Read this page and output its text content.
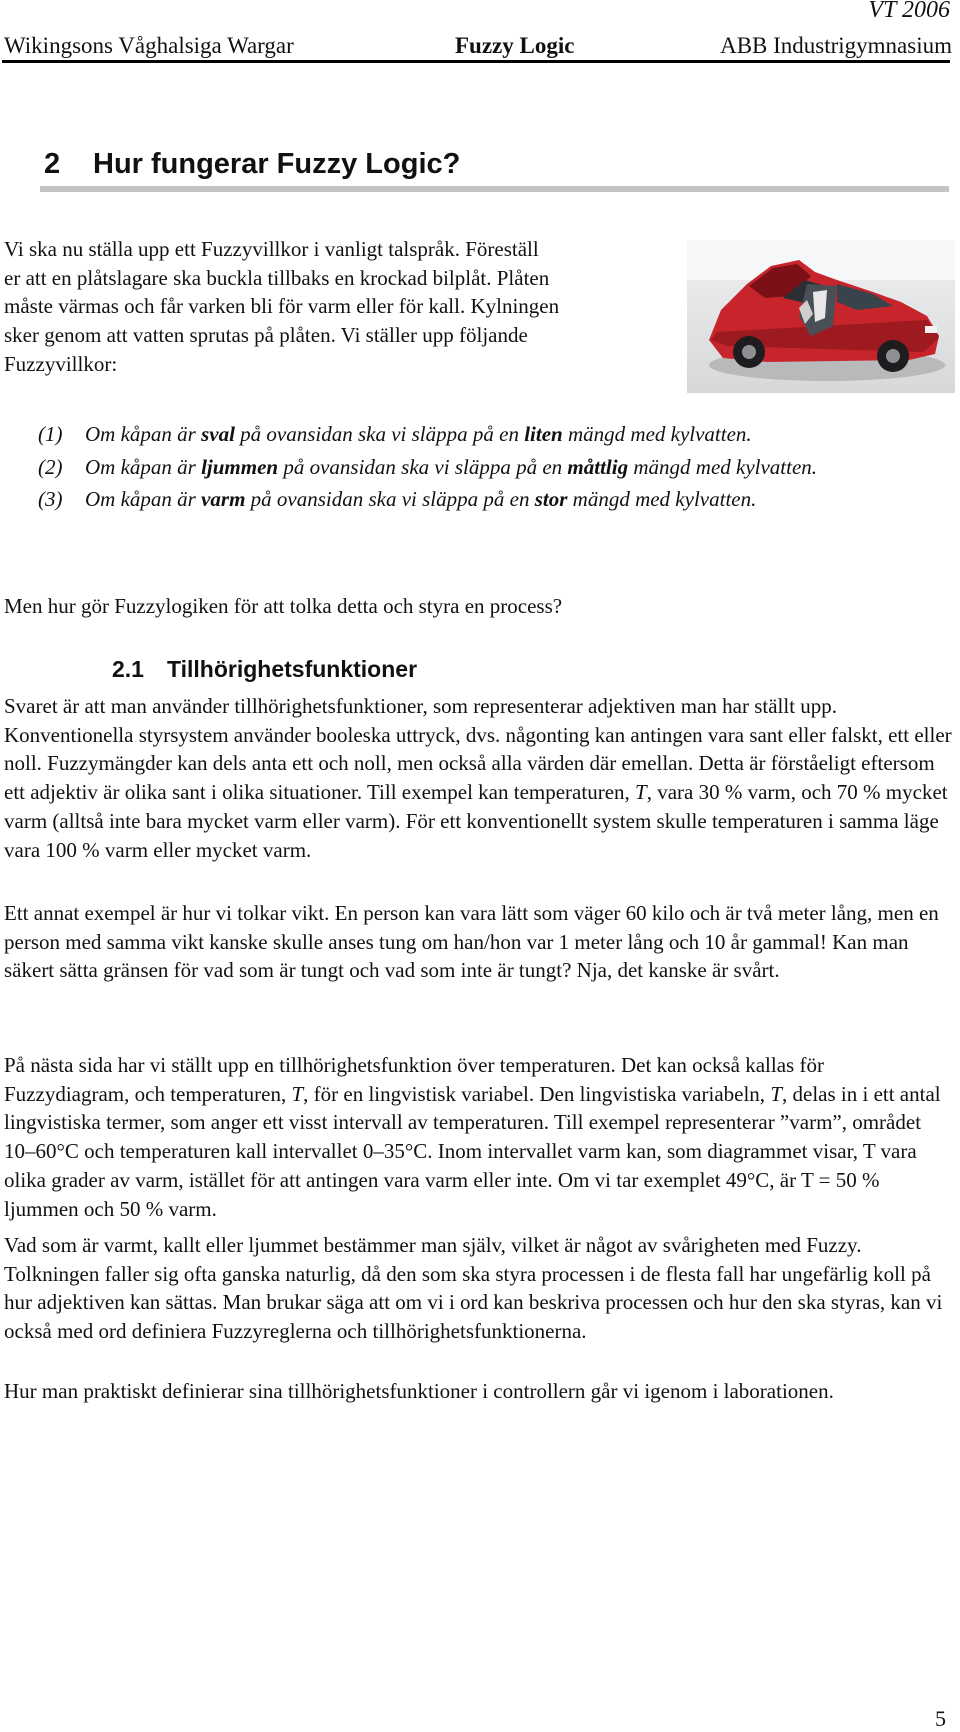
VT 2006
Wikingsons Våghalsiga Wargar	Fuzzy Logic	ABB Industrigymnasium
2 Hur fungerar Fuzzy Logic?
Vi ska nu ställa upp ett Fuzzyvillkor i vanligt talspråk. Föreställ
er att en plåtslagare ska buckla tillbaks en krockad bilplåt. Plåten
måste värmas och får varken bli för varm eller för kall. Kylningen
sker genom att vatten sprutas på plåten. Vi ställer upp följande
Fuzzyvillkor:
(1) Om kåpan är sval på ovansidan ska vi släppa på en liten mängd med kylvatten.
(2) Om kåpan är ljummen på ovansidan ska vi släppa på en måttlig mängd med kylvatten.
(3) Om kåpan är varm på ovansidan ska vi släppa på en stor mängd med kylvatten.
Men hur gör Fuzzylogiken för att tolka detta och styra en process?
2.1 Tillhörighetsfunktioner
Svaret är att man använder tillhörighetsfunktioner, som representerar adjektiven man har ställt upp. Konventionella styrsystem använder booleska uttryck, dvs. någonting kan antingen vara sant eller falskt, ett eller noll. Fuzzymängder kan dels anta ett och noll, men också alla värden där emellan. Detta är förståeligt eftersom ett adjektiv är olika sant i olika situationer. Till exempel kan temperaturen, T, vara 30 % varm, och 70 % mycket varm (alltså inte bara mycket varm eller varm). För ett konventionellt system skulle temperaturen i samma läge vara 100 % varm eller mycket varm.
Ett annat exempel är hur vi tolkar vikt. En person kan vara lätt som väger 60 kilo och är två meter lång, men en person med samma vikt kanske skulle anses tung om han/hon var 1 meter lång och 10 år gammal! Kan man säkert sätta gränsen för vad som är tungt och vad som inte är tungt? Nja, det kanske är svårt.
På nästa sida har vi ställt upp en tillhörighetsfunktion över temperaturen. Det kan också kallas för Fuzzydiagram, och temperaturen, T, för en lingvistisk variabel. Den lingvistiska variabeln, T, delas in i ett antal lingvistiska termer, som anger ett visst intervall av temperaturen. Till exempel representerar ”varm”, området 10–60°C och temperaturen kall intervallet 0–35°C. Inom intervallet varm kan, som diagrammet visar, T vara olika grader av varm, istället för att antingen vara varm eller inte. Om vi tar exemplet 49°C, är T = 50 % ljummen och 50 % varm.
Vad som är varmt, kallt eller ljummet bestämmer man själv, vilket är något av svårigheten med Fuzzy. Tolkningen faller sig ofta ganska naturlig, då den som ska styra processen i de flesta fall har ungefärlig koll på hur adjektiven kan sättas. Man brukar säga att om vi i ord kan beskriva processen och hur den ska styras, kan vi också med ord definiera Fuzzyreglerna och tillhörighetsfunktionerna.
Hur man praktiskt definierar sina tillhörighetsfunktioner i controllern går vi igenom i laborationen.
5
